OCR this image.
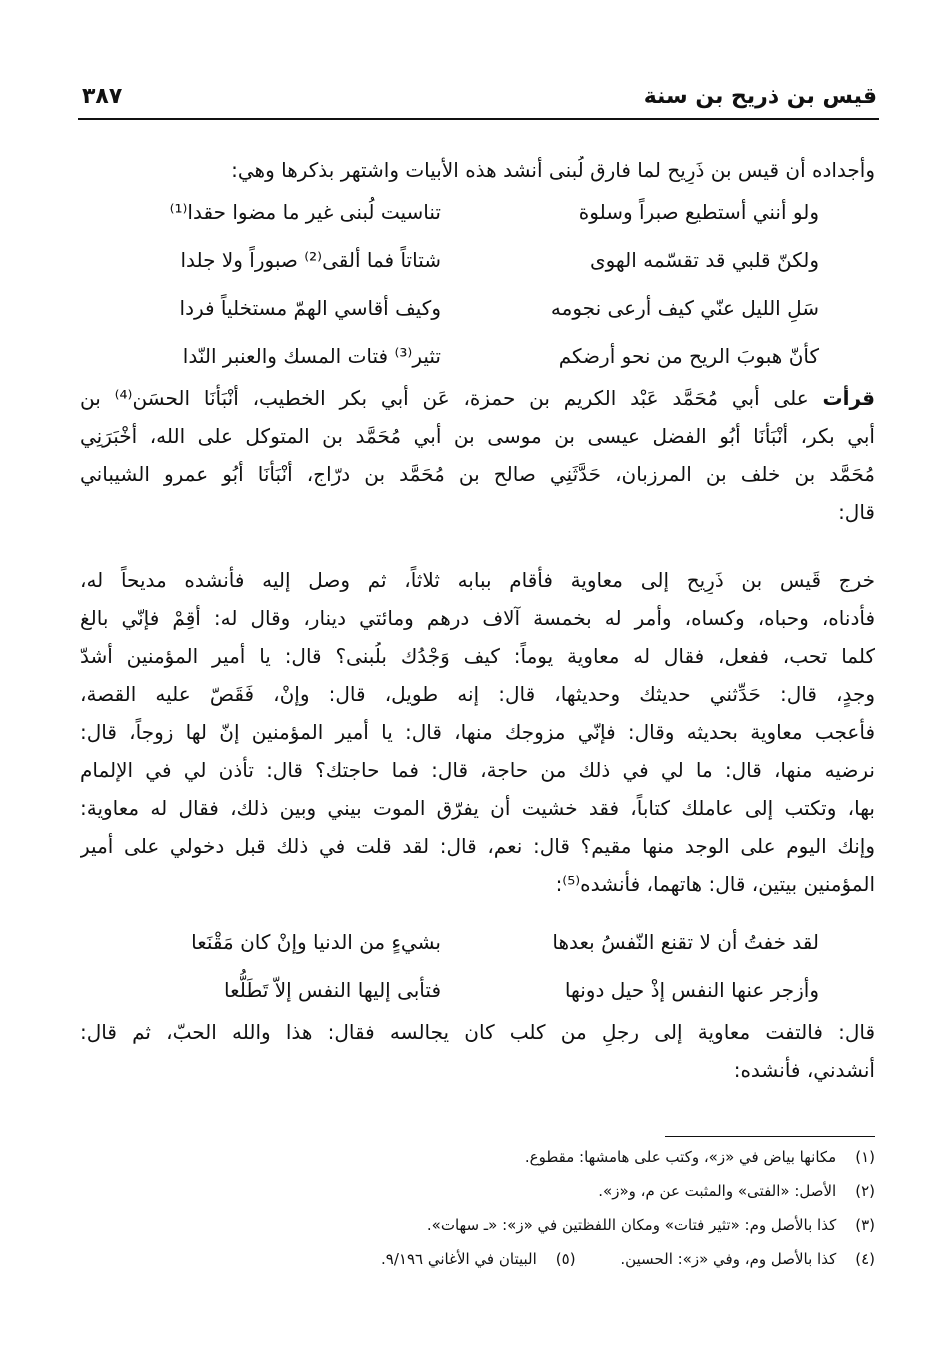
قيس بن ذريح بن سنة
٣٨٧
وأجداده أن قيس بن ذَرِيح لما فارق لُبنى أنشد هذه الأبيات واشتهر بذكرها وهي:
ولو أنني أستطيع صبراً وسلوة
تناسيت لُبنى غير ما مضوا حقدا⁽¹⁾
ولكنّ قلبي قد تقسّمه الهوى
شتاتاً فما ألقى⁽²⁾ صبوراً ولا جلدا
سَلِ الليل عنّي كيف أرعى نجومه
وكيف أقاسي الهمّ مستخلياً فردا
كأنّ هبوبَ الريح من نحو أرضكم
تثير⁽³⁾ فتات المسك والعنبر النّدا
قرأت على أبي مُحَمَّد عَبْد الكريم بن حمزة، عَن أبي بكر الخطيب، أَنْبَأَنَا الحسَن⁽⁴⁾ بن
أبي بكر، أَنْبَأَنَا أَبُو الفضل عيسى بن موسى بن أبي مُحَمَّد بن المتوكل على الله، أَخْبَرَنِي
مُحَمَّد بن خلف بن المرزبان، حَدَّثَنِي صالح بن مُحَمَّد بن درّاج، أَنْبَأَنَا أَبُو عمرو الشيباني
قال:
خرج قَيس بن ذَرِيح إلى معاوية فأقام ببابه ثلاثاً، ثم وصل إليه فأنشده مديحاً له،
فأدناه، وحباه، وكساه، وأمر له بخمسة آلاف درهم ومائتي دينار، وقال له: أَقِمْ فإنّي بالغ
كلما تحب، ففعل، فقال له معاوية يوماً: كيف وَجْدُك بلُبنى؟ قال: يا أمير المؤمنين أشدّ
وجدٍ، قال: حَدِّثني حديثك وحديثها، قال: إنه طويل، قال: وإنْ، فَقَصّ عليه القصة،
فأعجب معاوية بحديثه وقال: فإنّي مزوجك منها، قال: يا أمير المؤمنين إنّ لها زوجاً، قال:
نرضيه منها، قال: ما لي في ذلك من حاجة، قال: فما حاجتك؟ قال: تأذن لي في الإلمام
بها، وتكتب إلى عاملك كتاباً، فقد خشيت أن يفرّق الموت بيني وبين ذلك، فقال له معاوية:
وإنك اليوم على الوجد منها مقيم؟ قال: نعم، قال: لقد قلت في ذلك قبل دخولي على أمير
المؤمنين بيتين، قال: هاتهما، فأنشده⁽⁵⁾:
لقد خفتُ أن لا تقنع النّفسُ بعدها
بشيءٍ من الدنيا وإنْ كان مَقْنَعا
وأزجر عنها النفس إذْ حيل دونها
فتأبى إليها النفس إلاّ تَطَلُّعا
قال: فالتفت معاوية إلى رجلٍ من كلب كان يجالسه فقال: هذا والله الحبّ، ثم قال:
أنشدني، فأنشده:
(١) مكانها بياض في «ز»، وكتب على هامشها: مقطوع.
(٢) الأصل: «الفتى» والمثبت عن م، و«ز».
(٣) كذا بالأصل وم: «تثير فتات» ومكان اللفظتين في «ز»: «ـ سهات».
(٤) كذا بالأصل وم، وفي «ز»: الحسين. (٥) البيتان في الأغاني ٩/١٩٦.
